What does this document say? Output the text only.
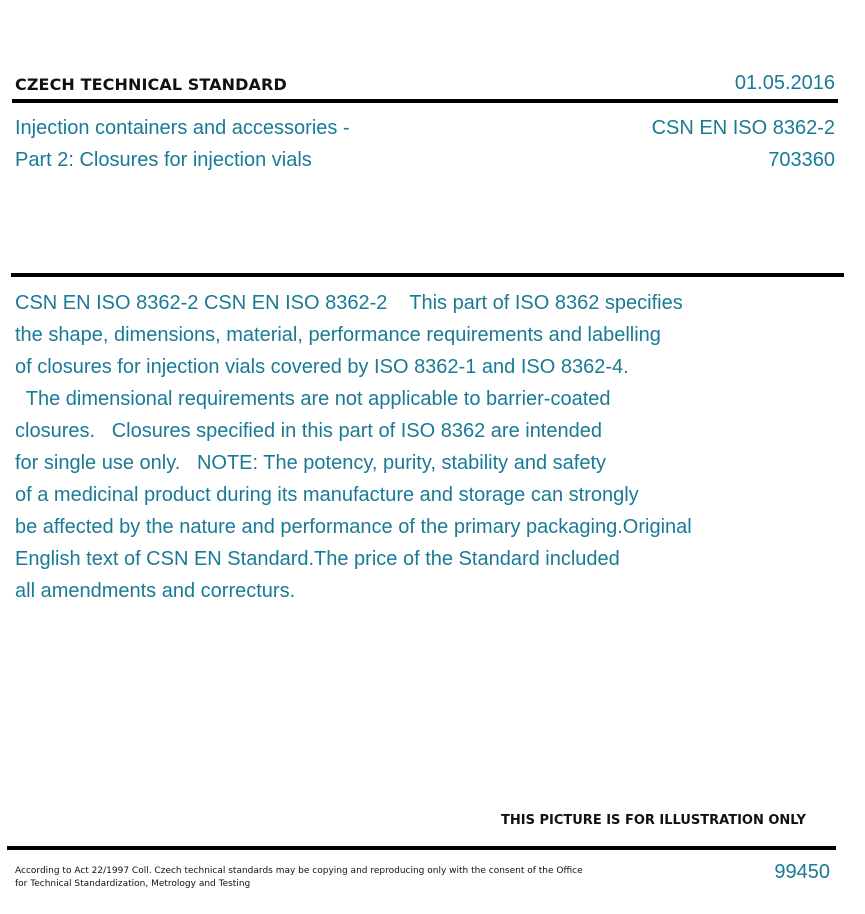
CZECH TECHNICAL STANDARD	01.05.2016
Injection containers and accessories -
Part 2: Closures for injection vials
CSN EN ISO 8362-2
703360
CSN EN ISO 8362-2 CSN EN ISO 8362-2    This part of ISO 8362 specifies
the shape, dimensions, material, performance requirements and labelling
of closures for injection vials covered by ISO 8362-1 and ISO 8362-4.
The dimensional requirements are not applicable to barrier-coated
closures.   Closures specified in this part of ISO 8362 are intended
for single use only.   NOTE: The potency, purity, stability and safety
of a medicinal product during its manufacture and storage can strongly
be affected by the nature and performance of the primary packaging.Original
English text of CSN EN Standard.The price of the Standard included
all amendments and correcturs.
THIS PICTURE IS FOR ILLUSTRATION ONLY
According to Act 22/1997 Coll. Czech technical standards may be copying and reproducing only with the consent of the Office
for Technical Standardization, Metrology and Testing
99450
